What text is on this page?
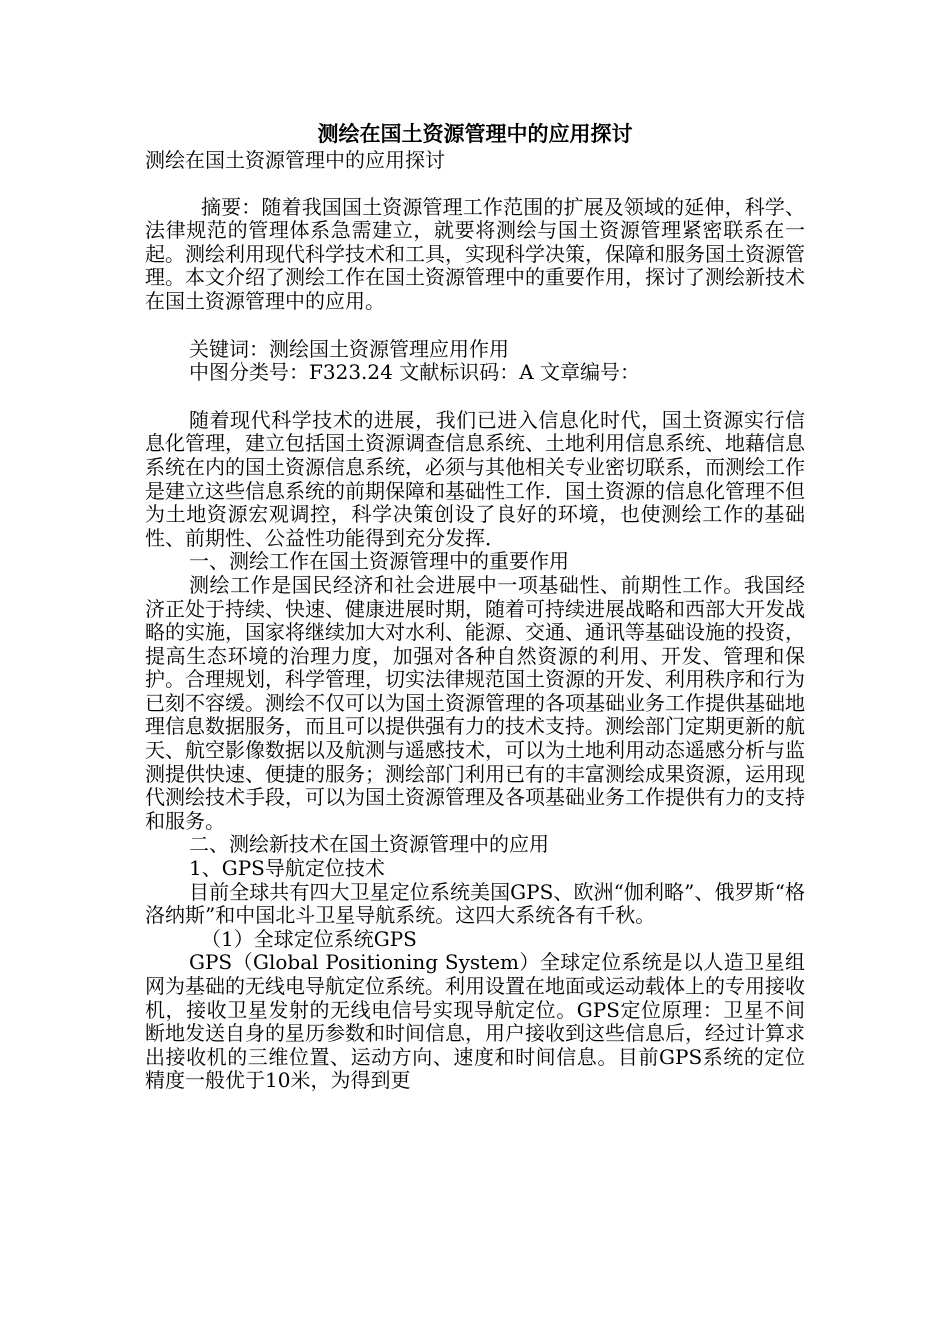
测绘在国土资源管理中的应用探讨

测绘在国土资源管理中的应用探讨

摘要：随着我国国土资源管理工作范围的扩展及领域的延伸，科学、法律规范的管理体系急需建立，就要将测绘与国土资源管理紧密联系在一起。测绘利用现代科学技术和工具，实现科学决策，保障和服务国土资源管理。本文介绍了测绘工作在国土资源管理中的重要作用，探讨了测绘新技术在国土资源管理中的应用。

关键词：测绘国土资源管理应用作用

中图分类号：F323.24 文献标识码：A 文章编号：

随着现代科学技术的进展，我们已进入信息化时代，国土资源实行信息化管理，建立包括国土资源调查信息系统、土地利用信息系统、地藉信息系统在内的国土资源信息系统，必须与其他相关专业密切联系，而测绘工作是建立这些信息系统的前期保障和基础性工作．国土资源的信息化管理不但为土地资源宏观调控，科学决策创设了良好的环境，也使测绘工作的基础性、前期性、公益性功能得到充分发挥．

一、测绘工作在国土资源管理中的重要作用

测绘工作是国民经济和社会进展中一项基础性、前期性工作。我国经济正处于持续、快速、健康进展时期，随着可持续进展战略和西部大开发战略的实施，国家将继续加大对水利、能源、交通、通讯等基础设施的投资，提高生态环境的治理力度，加强对各种自然资源的利用、开发、管理和保护。合理规划，科学管理，切实法律规范国土资源的开发、利用秩序和行为已刻不容缓。测绘不仅可以为国土资源管理的各项基础业务工作提供基础地理信息数据服务，而且可以提供强有力的技术支持。测绘部门定期更新的航天、航空影像数据以及航测与遥感技术，可以为土地利用动态遥感分析与监测提供快速、便捷的服务；测绘部门利用已有的丰富测绘成果资源，运用现代测绘技术手段，可以为国土资源管理及各项基础业务工作提供有力的支持和服务。

二、测绘新技术在国土资源管理中的应用

1、GPS导航定位技术

目前全球共有四大卫星定位系统美国GPS、欧洲“伽利略”、俄罗斯“格洛纳斯”和中国北斗卫星导航系统。这四大系统各有千秋。

（1）全球定位系统GPS

GPS（Global Positioning System）全球定位系统是以人造卫星组网为基础的无线电导航定位系统。利用设置在地面或运动载体上的专用接收机，接收卫星发射的无线电信号实现导航定位。GPS定位原理：卫星不间断地发送自身的星历参数和时间信息，用户接收到这些信息后，经过计算求出接收机的三维位置、运动方向、速度和时间信息。目前GPS系统的定位精度一般优于10米，为得到更
